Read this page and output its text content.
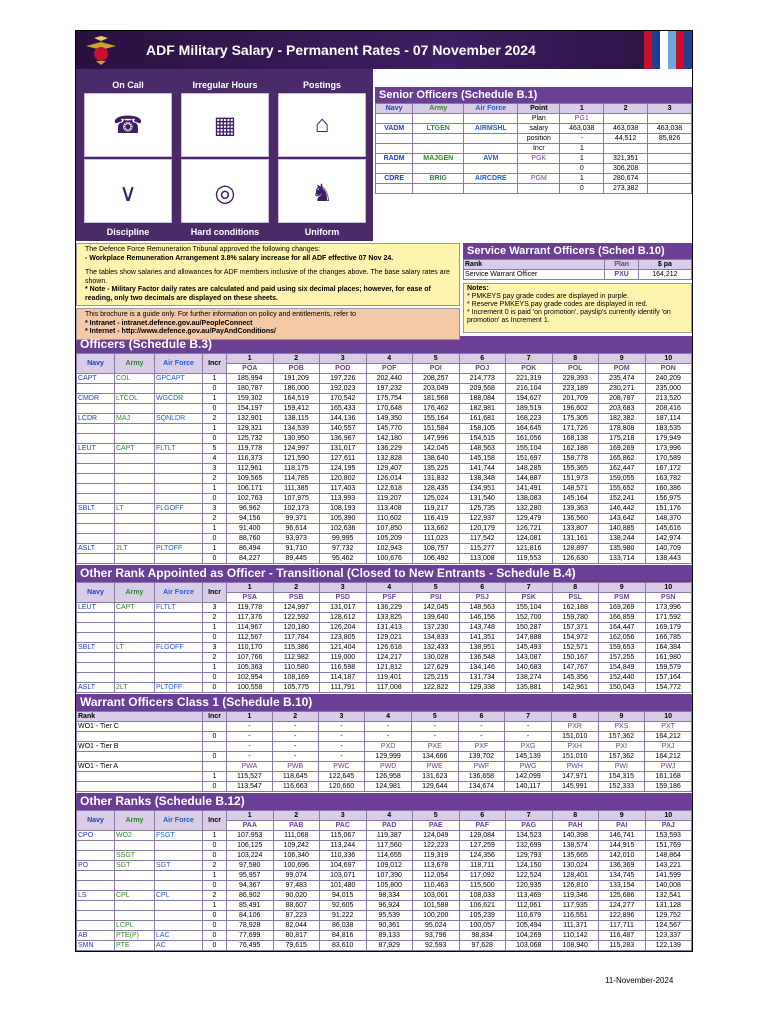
ADF Military Salary - Permanent Rates - 07 November 2024
On Call	Irregular Hours	Postings
☎	▦	⌂
∨	◎	♞
Discipline	Hard conditions	Uniform
Senior Officers (Schedule B.1)
Navy	Army	Air Force	Point	1	2	3
			Plan	PG1		
VADM	LTGEN	AIRMSHL	salary	463,038	463,038	463,038
			position	-	44,512	85,826
			Incr	1		
RADM	MAJGEN	AVM	PGK	1	321,351	
				0	306,208	
CDRE	BRIG	AIRCDRE	PGM	1	280,674	
				0	273,382	
The Defence Force Remuneration Tribunal approved the following changes:
- Workplace Remuneration Arrangement 3.8% salary increase for all ADF effective 07 Nov 24.
The tables show salaries and allowances for ADF members inclusive of the changes above. The base salary rates are shown.
* Note - Military Factor daily rates are calculated and paid using six decimal places; however, for ease of reading, only two decimals are displayed on these sheets.
This brochure is a guide only. For further information on policy and entitlements, refer to
* Intranet - intranet.defence.gov.au/PeopleConnect
* Internet - http://www.defence.gov.au/PayAndConditions/
Service Warrant Officers (Sched B.10)
Rank	Plan	$ pa
Service Warrant Officer	PXU	164,212
Notes:
* PMKEYS pay grade codes are displayed in purple.
* Reserve PMKEYS pay grade codes are displayed in red.
* Increment 0 is paid 'on promotion', payslip's currently identify 'on promotion' as Increment 1.
Officers (Schedule B.3)
Navy	Army	Air Force	Incr	1	2	3	4	5	6	7	8	9	10
				POA	POB	POD	POF	POI	POJ	POK	POL	POM	PON
CAPT	COL	GPCAPT	1	185,994	191,209	197,226	202,440	208,257	214,773	221,319	228,393	235,474	240,209
			0	180,787	186,000	192,023	197,232	203,049	209,568	216,104	223,189	230,271	235,000
CMDR	LTCOL	WGCDR	1	159,302	164,519	170,542	175,754	181,568	188,084	194,627	201,709	208,787	213,520
			0	154,197	159,412	165,433	170,648	176,462	182,981	189,519	196,602	203,683	208,416
LCDR	MAJ	SQNLDR	2	132,901	138,115	144,136	149,350	155,164	161,681	168,223	175,305	182,382	187,114
			1	129,321	134,539	140,557	145,770	151,584	158,105	164,645	171,726	178,808	183,535
			0	125,732	130,950	136,967	142,180	147,996	154,515	161,056	168,138	175,218	179,949
LEUT	CAPT	FLTLT	5	119,778	124,997	131,017	136,229	142,045	148,563	155,104	162,188	169,269	173,996
			4	116,373	121,590	127,611	132,828	138,640	145,158	151,697	158,778	165,862	170,589
			3	112,961	118,175	124,195	129,407	135,225	141,744	148,285	155,365	162,447	167,172
			2	109,565	114,785	120,802	126,014	131,832	138,348	144,887	151,973	159,055	163,782
			1	106,171	111,385	117,403	122,618	128,435	134,951	141,491	148,571	155,652	160,386
			0	102,763	107,975	113,993	119,207	125,024	131,540	138,083	145,164	152,241	156,975
SBLT	LT	FLGOFF	3	96,962	102,173	108,193	113,408	119,217	125,735	132,280	139,363	146,442	151,176
			2	94,156	99,371	105,390	110,602	116,419	122,937	129,479	136,560	143,642	148,370
			1	91,400	96,614	102,636	107,850	113,662	120,179	126,721	133,807	140,885	145,616
			0	88,760	93,973	99,995	105,209	111,023	117,542	124,081	131,161	138,244	142,974
ASLT	2LT	PLTOFF	1	86,494	91,710	97,732	102,943	108,757	115,277	121,816	128,897	135,980	140,709
			0	84,227	89,445	95,462	100,676	106,492	113,008	119,553	126,630	133,714	138,443
Other Rank Appointed as Officer - Transitional (Closed to New Entrants - Schedule B.4)
Navy	Army	Air Force	Incr	1	2	3	4	5	6	7	8	9	10
				PSA	PSB	PSD	PSF	PSI	PSJ	PSK	PSL	PSM	PSN
LEUT	CAPT	FLTLT	3	119,778	124,997	131,017	136,229	142,045	148,563	155,104	162,188	169,269	173,996
			2	117,376	122,592	128,612	133,825	139,640	146,156	152,700	159,780	166,859	171,592
			1	114,967	120,180	126,204	131,413	137,230	143,748	150,287	157,371	164,447	169,179
			0	112,567	117,784	123,805	129,021	134,833	141,351	147,888	154,972	162,056	166,785
SBLT	LT	FLGOFF	3	110,170	115,386	121,404	126,618	132,433	138,951	145,493	152,571	159,653	164,384
			2	107,766	112,982	119,000	124,217	130,028	136,548	143,087	150,167	157,255	161,980
			1	105,363	110,580	116,598	121,812	127,629	134,146	140,683	147,767	154,849	159,579
			0	102,954	108,169	114,187	119,401	125,215	131,734	138,274	145,356	152,440	157,164
ASLT	2LT	PLTOFF	0	100,558	105,775	111,791	117,008	122,822	129,338	135,881	142,961	150,043	154,772
Warrant Officers Class 1 (Schedule B.10)
Rank	Incr	1	2	3	4	5	6	7	8	9	10
WO1 - Tier C		-	-	-	-	-	-	-	PXR	PXS	PXT
	0	-	-	-	-	-	-	-	151,010	157,362	164,212
WO1 - Tier B		-	-	-	PXD	PXE	PXF	PXG	PXH	PXI	PXJ
	0	-	-	-	129,999	134,666	139,702	145,139	151,010	157,362	164,212
WO1 - Tier A		PWA	PWB	PWC	PWD	PWE	PWF	PWG	PWH	PWI	PWJ
	1	115,527	118,645	122,645	126,958	131,623	136,658	142,099	147,971	154,315	161,168
	0	113,547	116,663	120,660	124,981	129,644	134,674	140,117	145,991	152,333	159,186
Other Ranks (Schedule B.12)
Navy	Army	Air Force	Incr	1	2	3	4	5	6	7	8	9	10
				PAA	PAB	PAC	PAD	PAE	PAF	PAG	PAH	PAI	PAJ
CPO	WO2	FSGT	1	107,953	111,068	115,067	119,387	124,049	129,084	134,523	140,398	146,741	153,593
			0	106,125	109,242	113,244	117,560	122,223	127,259	132,699	138,574	144,915	151,769
	SSGT		0	103,224	106,340	110,336	114,655	119,319	124,356	129,793	135,665	142,010	148,864
PO	SGT	SGT	2	97,580	100,696	104,697	109,012	113,678	118,711	124,150	130,024	136,369	143,221
			1	95,957	99,074	103,071	107,390	112,054	117,092	122,524	128,401	134,745	141,599
			0	94,367	97,483	101,480	105,800	110,463	115,500	120,935	126,810	133,154	140,008
LS	CPL	CPL	2	86,902	90,020	94,015	98,334	103,001	108,033	113,469	119,346	125,686	132,541
			1	85,491	88,607	92,605	96,924	101,588	106,621	112,061	117,935	124,277	131,128
			0	84,106	87,223	91,222	95,539	100,200	105,239	110,679	116,551	122,896	129,752
	LCPL		0	78,928	82,044	86,038	90,361	95,024	100,057	105,494	111,371	117,711	124,567
AB	PTE(P)	LAC	0	77,699	80,817	84,816	89,133	93,796	98,834	104,269	110,142	116,487	123,337
SMN	PTE	AC	0	76,495	79,615	83,610	87,929	92,593	97,628	103,068	108,940	115,283	122,139
11-November-2024
